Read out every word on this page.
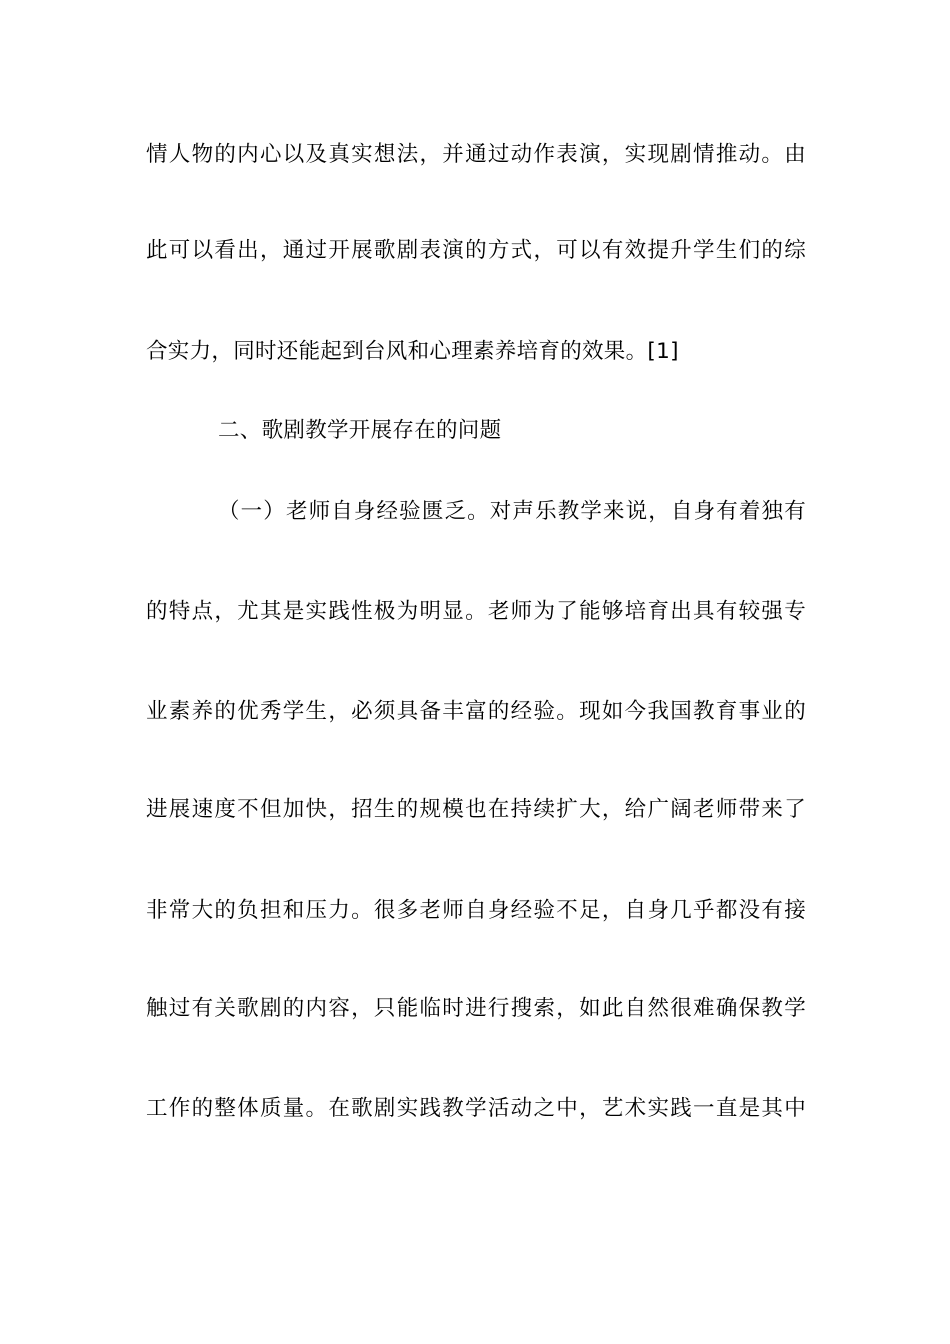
情人物的内心以及真实想法，并通过动作表演，实现剧情推动。由
此可以看出，通过开展歌剧表演的方式，可以有效提升学生们的综
合实力，同时还能起到台风和心理素养培育的效果。[1]
二、歌剧教学开展存在的问题
（一）老师自身经验匮乏。对声乐教学来说，自身有着独有
的特点，尤其是实践性极为明显。老师为了能够培育出具有较强专
业素养的优秀学生，必须具备丰富的经验。现如今我国教育事业的
进展速度不但加快，招生的规模也在持续扩大，给广阔老师带来了
非常大的负担和压力。很多老师自身经验不足，自身几乎都没有接
触过有关歌剧的内容，只能临时进行搜索，如此自然很难确保教学
工作的整体质量。在歌剧实践教学活动之中，艺术实践一直是其中
